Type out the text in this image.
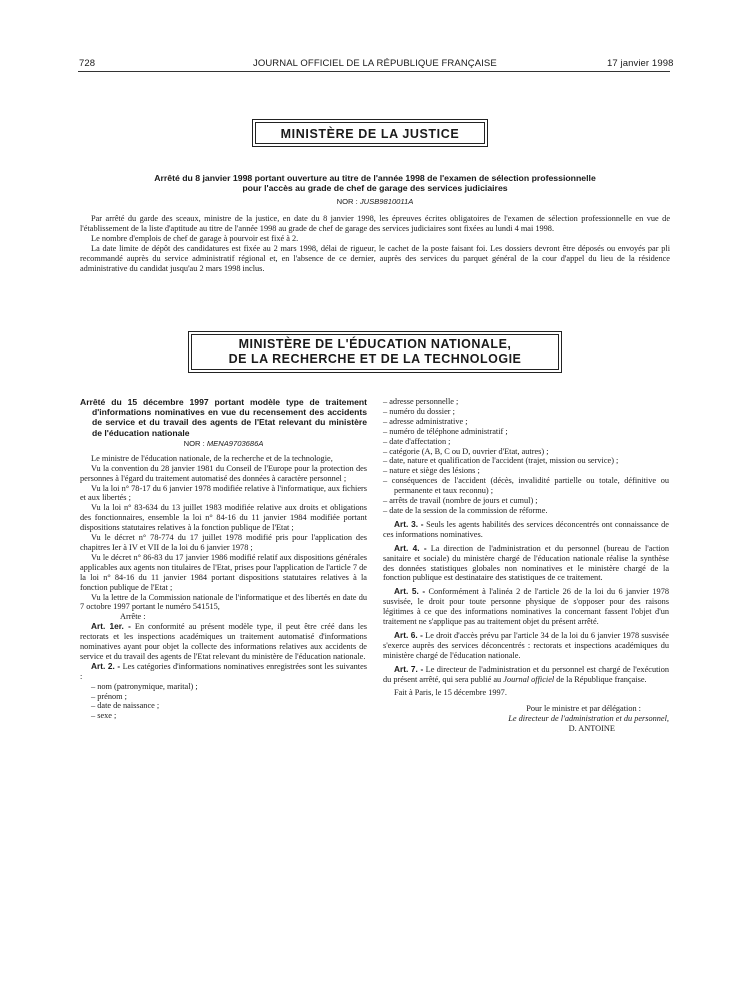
728	JOURNAL OFFICIEL DE LA RÉPUBLIQUE FRANÇAISE	17 janvier 1998
MINISTÈRE DE LA JUSTICE
Arrêté du 8 janvier 1998 portant ouverture au titre de l'année 1998 de l'examen de sélection professionnelle
pour l'accès au grade de chef de garage des services judiciaires
NOR : JUSB9810011A

Par arrêté du garde des sceaux, ministre de la justice, en date du 8 janvier 1998, les épreuves écrites obligatoires de l'examen de sélection professionnelle en vue de l'établissement de la liste d'aptitude au titre de l'année 1998 au grade de chef de garage des services judiciaires sont fixées au lundi 4 mai 1998.

Le nombre d'emplois de chef de garage à pourvoir est fixé à 2.

La date limite de dépôt des candidatures est fixée au 2 mars 1998, délai de rigueur, le cachet de la poste faisant foi. Les dossiers devront être déposés ou envoyés par pli recommandé auprès du service administratif régional et, en l'absence de ce dernier, auprès des services du parquet général de la cour d'appel du lieu de la résidence administrative du candidat jusqu'au 2 mars 1998 inclus.

MINISTÈRE DE L'ÉDUCATION NATIONALE,
DE LA RECHERCHE ET DE LA TECHNOLOGIE
Arrêté du 15 décembre 1997 portant modèle type de traitement d'informations nominatives en vue du recensement des accidents de service et du travail des agents de l'Etat relevant du ministère de l'éducation nationale
NOR : MENA9703686A

Le ministre de l'éducation nationale, de la recherche et de la technologie,

Vu la convention du 28 janvier 1981 du Conseil de l'Europe pour la protection des personnes à l'égard du traitement automatisé des données à caractère personnel ;

Vu la loi n° 78-17 du 6 janvier 1978 modifiée relative à l'informatique, aux fichiers et aux libertés ;

Vu la loi n° 83-634 du 13 juillet 1983 modifiée relative aux droits et obligations des fonctionnaires, ensemble la loi n° 84-16 du 11 janvier 1984 modifiée portant dispositions statutaires relatives à la fonction publique de l'Etat ;

Vu le décret n° 78-774 du 17 juillet 1978 modifié pris pour l'application des chapitres Ier à IV et VII de la loi du 6 janvier 1978 ;

Vu le décret n° 86-83 du 17 janvier 1986 modifié relatif aux dispositions générales applicables aux agents non titulaires de l'Etat, prises pour l'application de l'article 7 de la loi n° 84-16 du 11 janvier 1984 portant dispositions statutaires relatives à la fonction publique de l'Etat ;

Vu la lettre de la Commission nationale de l'informatique et des libertés en date du 7 octobre 1997 portant le numéro 541515,

Arrête :

Art. 1er. - En conformité au présent modèle type, il peut être créé dans les rectorats et les inspections académiques un traitement automatisé d'informations nominatives ayant pour objet la collecte des informations relatives aux accidents de service et du travail des agents de l'Etat relevant du ministère de l'éducation nationale.

Art. 2. - Les catégories d'informations nominatives enregistrées sont les suivantes :

– nom (patronymique, marital) ;
– prénom ;
– date de naissance ;
– sexe ;
– adresse personnelle ;
– numéro du dossier ;
– adresse administrative ;
– numéro de téléphone administratif ;
– date d'affectation ;
– catégorie (A, B, C ou D, ouvrier d'Etat, autres) ;
– date, nature et qualification de l'accident (trajet, mission ou service) ;
– nature et siège des lésions ;
– conséquences de l'accident (décès, invalidité partielle ou totale, définitive ou permanente et taux reconnu) ;
– arrêts de travail (nombre de jours et cumul) ;
– date de la session de la commission de réforme.

Art. 3. - Seuls les agents habilités des services déconcentrés ont connaissance de ces informations nominatives.

Art. 4. - La direction de l'administration et du personnel (bureau de l'action sanitaire et sociale) du ministère chargé de l'éducation nationale réalise la synthèse des données statistiques globales non nominatives et le ministère chargé de la fonction publique est destinataire des statistiques de ce traitement.

Art. 5. - Conformément à l'alinéa 2 de l'article 26 de la loi du 6 janvier 1978 susvisée, le droit pour toute personne physique de s'opposer pour des raisons légitimes à ce que des informations nominatives la concernant fassent l'objet d'un traitement ne s'applique pas au traitement objet du présent arrêté.

Art. 6. - Le droit d'accès prévu par l'article 34 de la loi du 6 janvier 1978 susvisée s'exerce auprès des services déconcentrés : rectorats et inspections académiques du ministère chargé de l'éducation nationale.

Art. 7. - Le directeur de l'administration et du personnel est chargé de l'exécution du présent arrêté, qui sera publié au Journal officiel de la République française.

Fait à Paris, le 15 décembre 1997.

Pour le ministre et par délégation :
Le directeur de l'administration et du personnel,
D. ANTOINE
